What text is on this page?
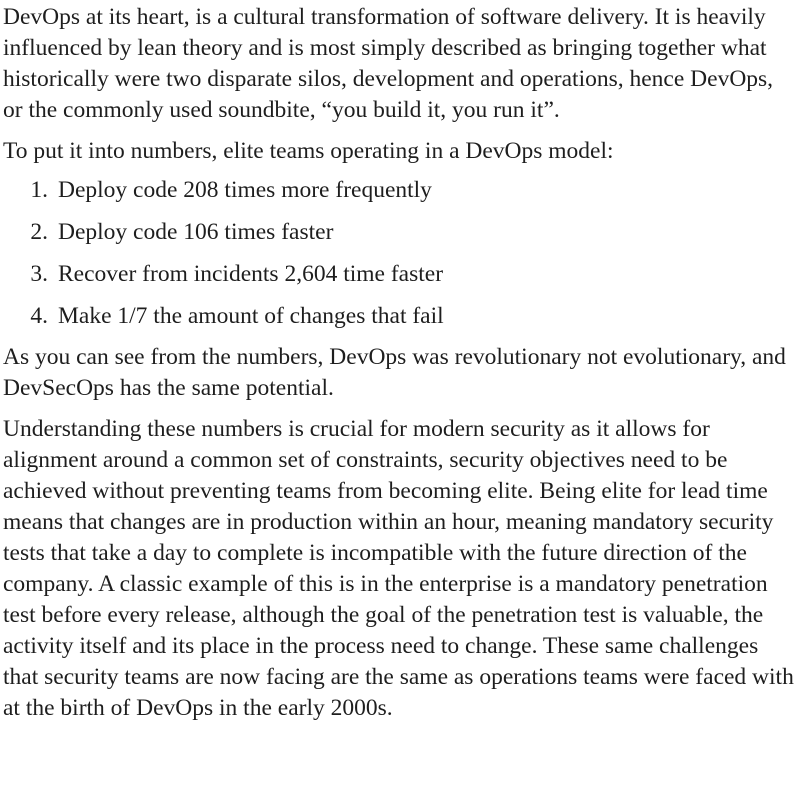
DevOps at its heart, is a cultural transformation of software delivery. It is heavily influenced by lean theory and is most simply described as bringing together what historically were two disparate silos, development and operations, hence DevOps, or the commonly used soundbite, “you build it, you run it”.

To put it into numbers, elite teams operating in a DevOps model:

1. Deploy code 208 times more frequently
2. Deploy code 106 times faster
3. Recover from incidents 2,604 time faster
4. Make 1/7 the amount of changes that fail

As you can see from the numbers, DevOps was revolutionary not evolutionary, and DevSecOps has the same potential.

Understanding these numbers is crucial for modern security as it allows for alignment around a common set of constraints, security objectives need to be achieved without preventing teams from becoming elite. Being elite for lead time means that changes are in production within an hour, meaning mandatory security tests that take a day to complete is incompatible with the future direction of the company. A classic example of this is in the enterprise is a mandatory penetration test before every release, although the goal of the penetration test is valuable, the activity itself and its place in the process need to change. These same challenges that security teams are now facing are the same as operations teams were faced with at the birth of DevOps in the early 2000s.
